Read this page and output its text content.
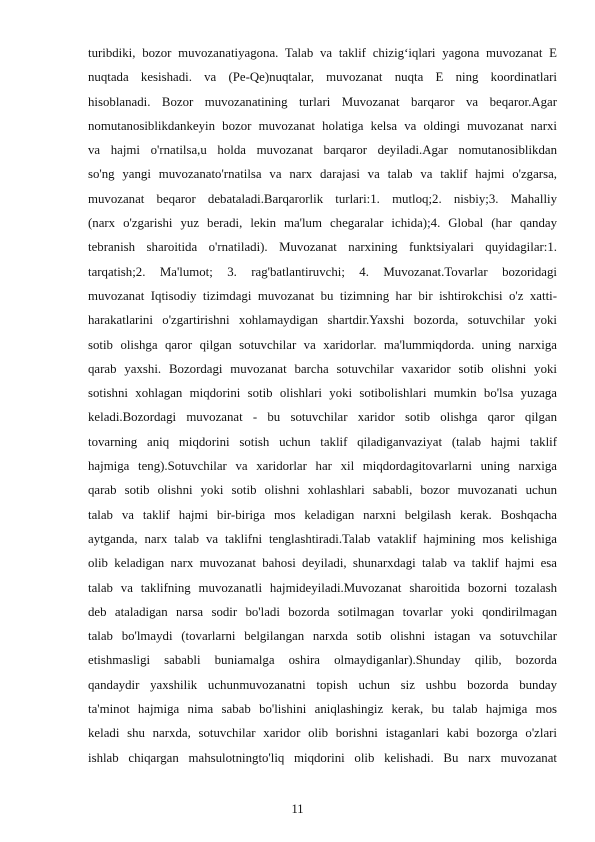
turibdiki, bozor muvozanatiyagona. Talab va taklif chizig‘iqlari yagona muvozanat E
nuqtada kesishadi. va (Pe-Qe)nuqtalar, muvozanat nuqta E ning koordinatlari
hisoblanadi. Bozor muvozanatining turlari Muvozanat barqaror va beqaror.Agar
nomutanosiblikdankeyin bozor muvozanat holatiga kelsa va oldingi muvozanat narxi
va hajmi o'rnatilsa,u holda muvozanat barqaror deyiladi.Agar nomutanosiblikdan
so'ng yangi muvozanato'rnatilsa va narx darajasi va talab va taklif hajmi o'zgarsa,
muvozanat beqaror debataladi.Barqarorlik turlari:1. mutloq;2. nisbiy;3. Mahalliy
(narx o'zgarishi yuz beradi, lekin ma'lum chegaralar ichida);4. Global (har qanday
tebranish sharoitida o'rnatiladi). Muvozanat narxining funktsiyalari quyidagilar:1.
tarqatish;2. Ma'lumot; 3. rag'batlantiruvchi; 4. Muvozanat.Tovarlar bozoridagi
muvozanat Iqtisodiy tizimdagi muvozanat bu tizimning har bir ishtirokchisi o'z xatti-
harakatlarini o'zgartirishni xohlamaydigan shartdir.Yaxshi bozorda, sotuvchilar yoki
sotib olishga qaror qilgan sotuvchilar va xaridorlar. ma'lummiqdorda. uning narxiga
qarab yaxshi. Bozordagi muvozanat barcha sotuvchilar vaxaridor sotib olishni yoki
sotishni xohlagan miqdorini sotib olishlari yoki sotibolishlari mumkin bo'lsa yuzaga
keladi.Bozordagi muvozanat - bu sotuvchilar xaridor sotib olishga qaror qilgan
tovarning aniq miqdorini sotish uchun taklif qiladiganvaziyat (talab hajmi taklif
hajmiga teng).Sotuvchilar va xaridorlar har xil miqdordagitovarlarni uning narxiga
qarab sotib olishni yoki sotib olishni xohlashlari sababli, bozor muvozanati uchun
talab va taklif hajmi bir-biriga mos keladigan narxni belgilash kerak. Boshqacha
aytganda, narx talab va taklifni tenglashtiradi.Talab vataklif hajmining mos kelishiga
olib keladigan narx muvozanat bahosi deyiladi, shunarxdagi talab va taklif hajmi esa
talab va taklifning muvozanatli hajmideyiladi.Muvozanat sharoitida bozorni tozalash
deb ataladigan narsa sodir bo'ladi bozorda sotilmagan tovarlar yoki qondirilmagan
talab bo'lmaydi (tovarlarni belgilangan narxda sotib olishni istagan va sotuvchilar
etishmasligi sababli buniamalga oshira olmaydiganlar).Shunday qilib, bozorda
qandaydir yaxshilik uchunmuvozanatni topish uchun siz ushbu bozorda bunday
ta'minot hajmiga nima sabab bo'lishini aniqlashingiz kerak, bu talab hajmiga mos
keladi shu narxda, sotuvchilar xaridor olib borishni istaganlari kabi bozorga o'zlari
ishlab chiqargan mahsulotningto'liq miqdorini olib kelishadi. Bu narx muvozanat
11
